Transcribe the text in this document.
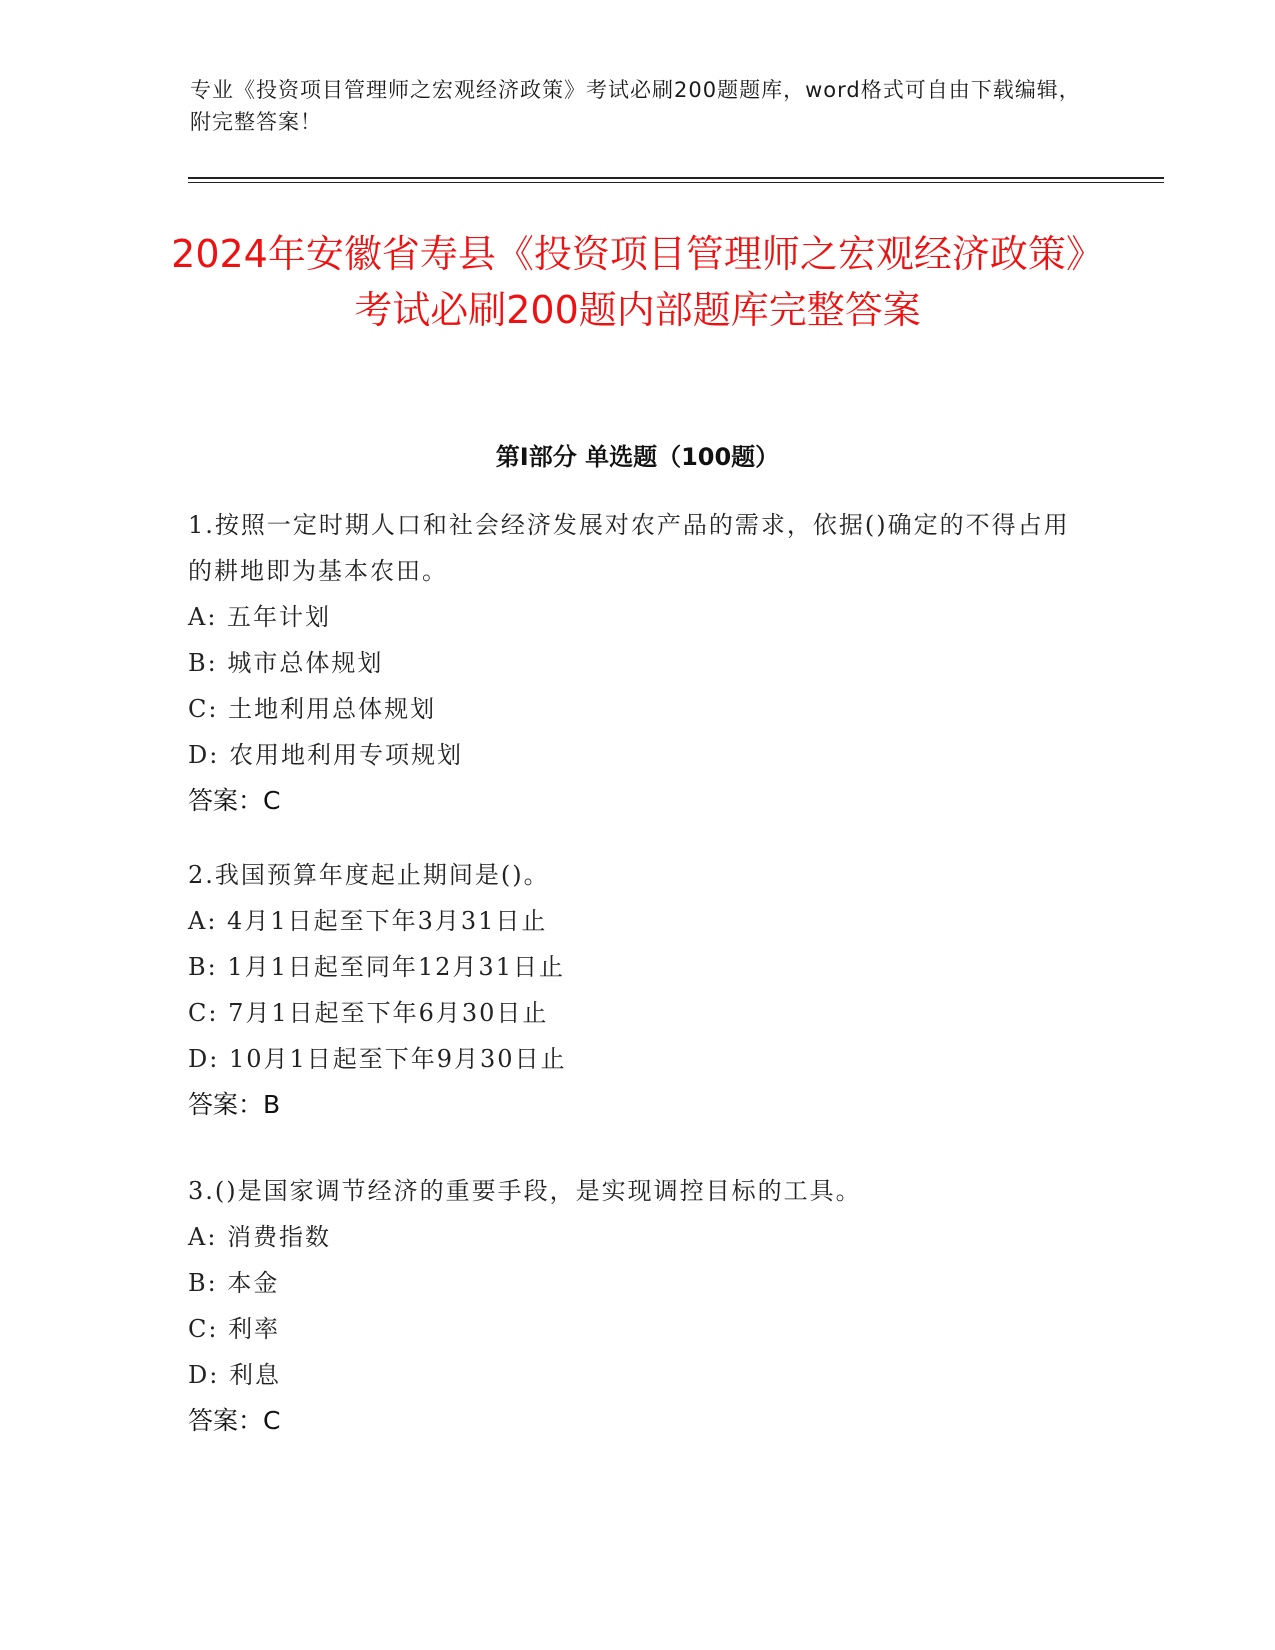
专业《投资项目管理师之宏观经济政策》考试必刷200题题库，word格式可自由下载编辑，附完整答案！
2024年安徽省寿县《投资项目管理师之宏观经济政策》考试必刷200题内部题库完整答案
第I部分 单选题（100题）

1.按照一定时期人口和社会经济发展对农产品的需求，依据()确定的不得占用的耕地即为基本农田。

A: 五年计划

B: 城市总体规划

C: 土地利用总体规划

D: 农用地利用专项规划

答案：C

2.我国预算年度起止期间是()。

A: 4月1日起至下年3月31日止

B: 1月1日起至同年12月31日止

C: 7月1日起至下年6月30日止

D: 10月1日起至下年9月30日止

答案：B

3.()是国家调节经济的重要手段，是实现调控目标的工具。

A: 消费指数

B: 本金

C: 利率

D: 利息

答案：C
